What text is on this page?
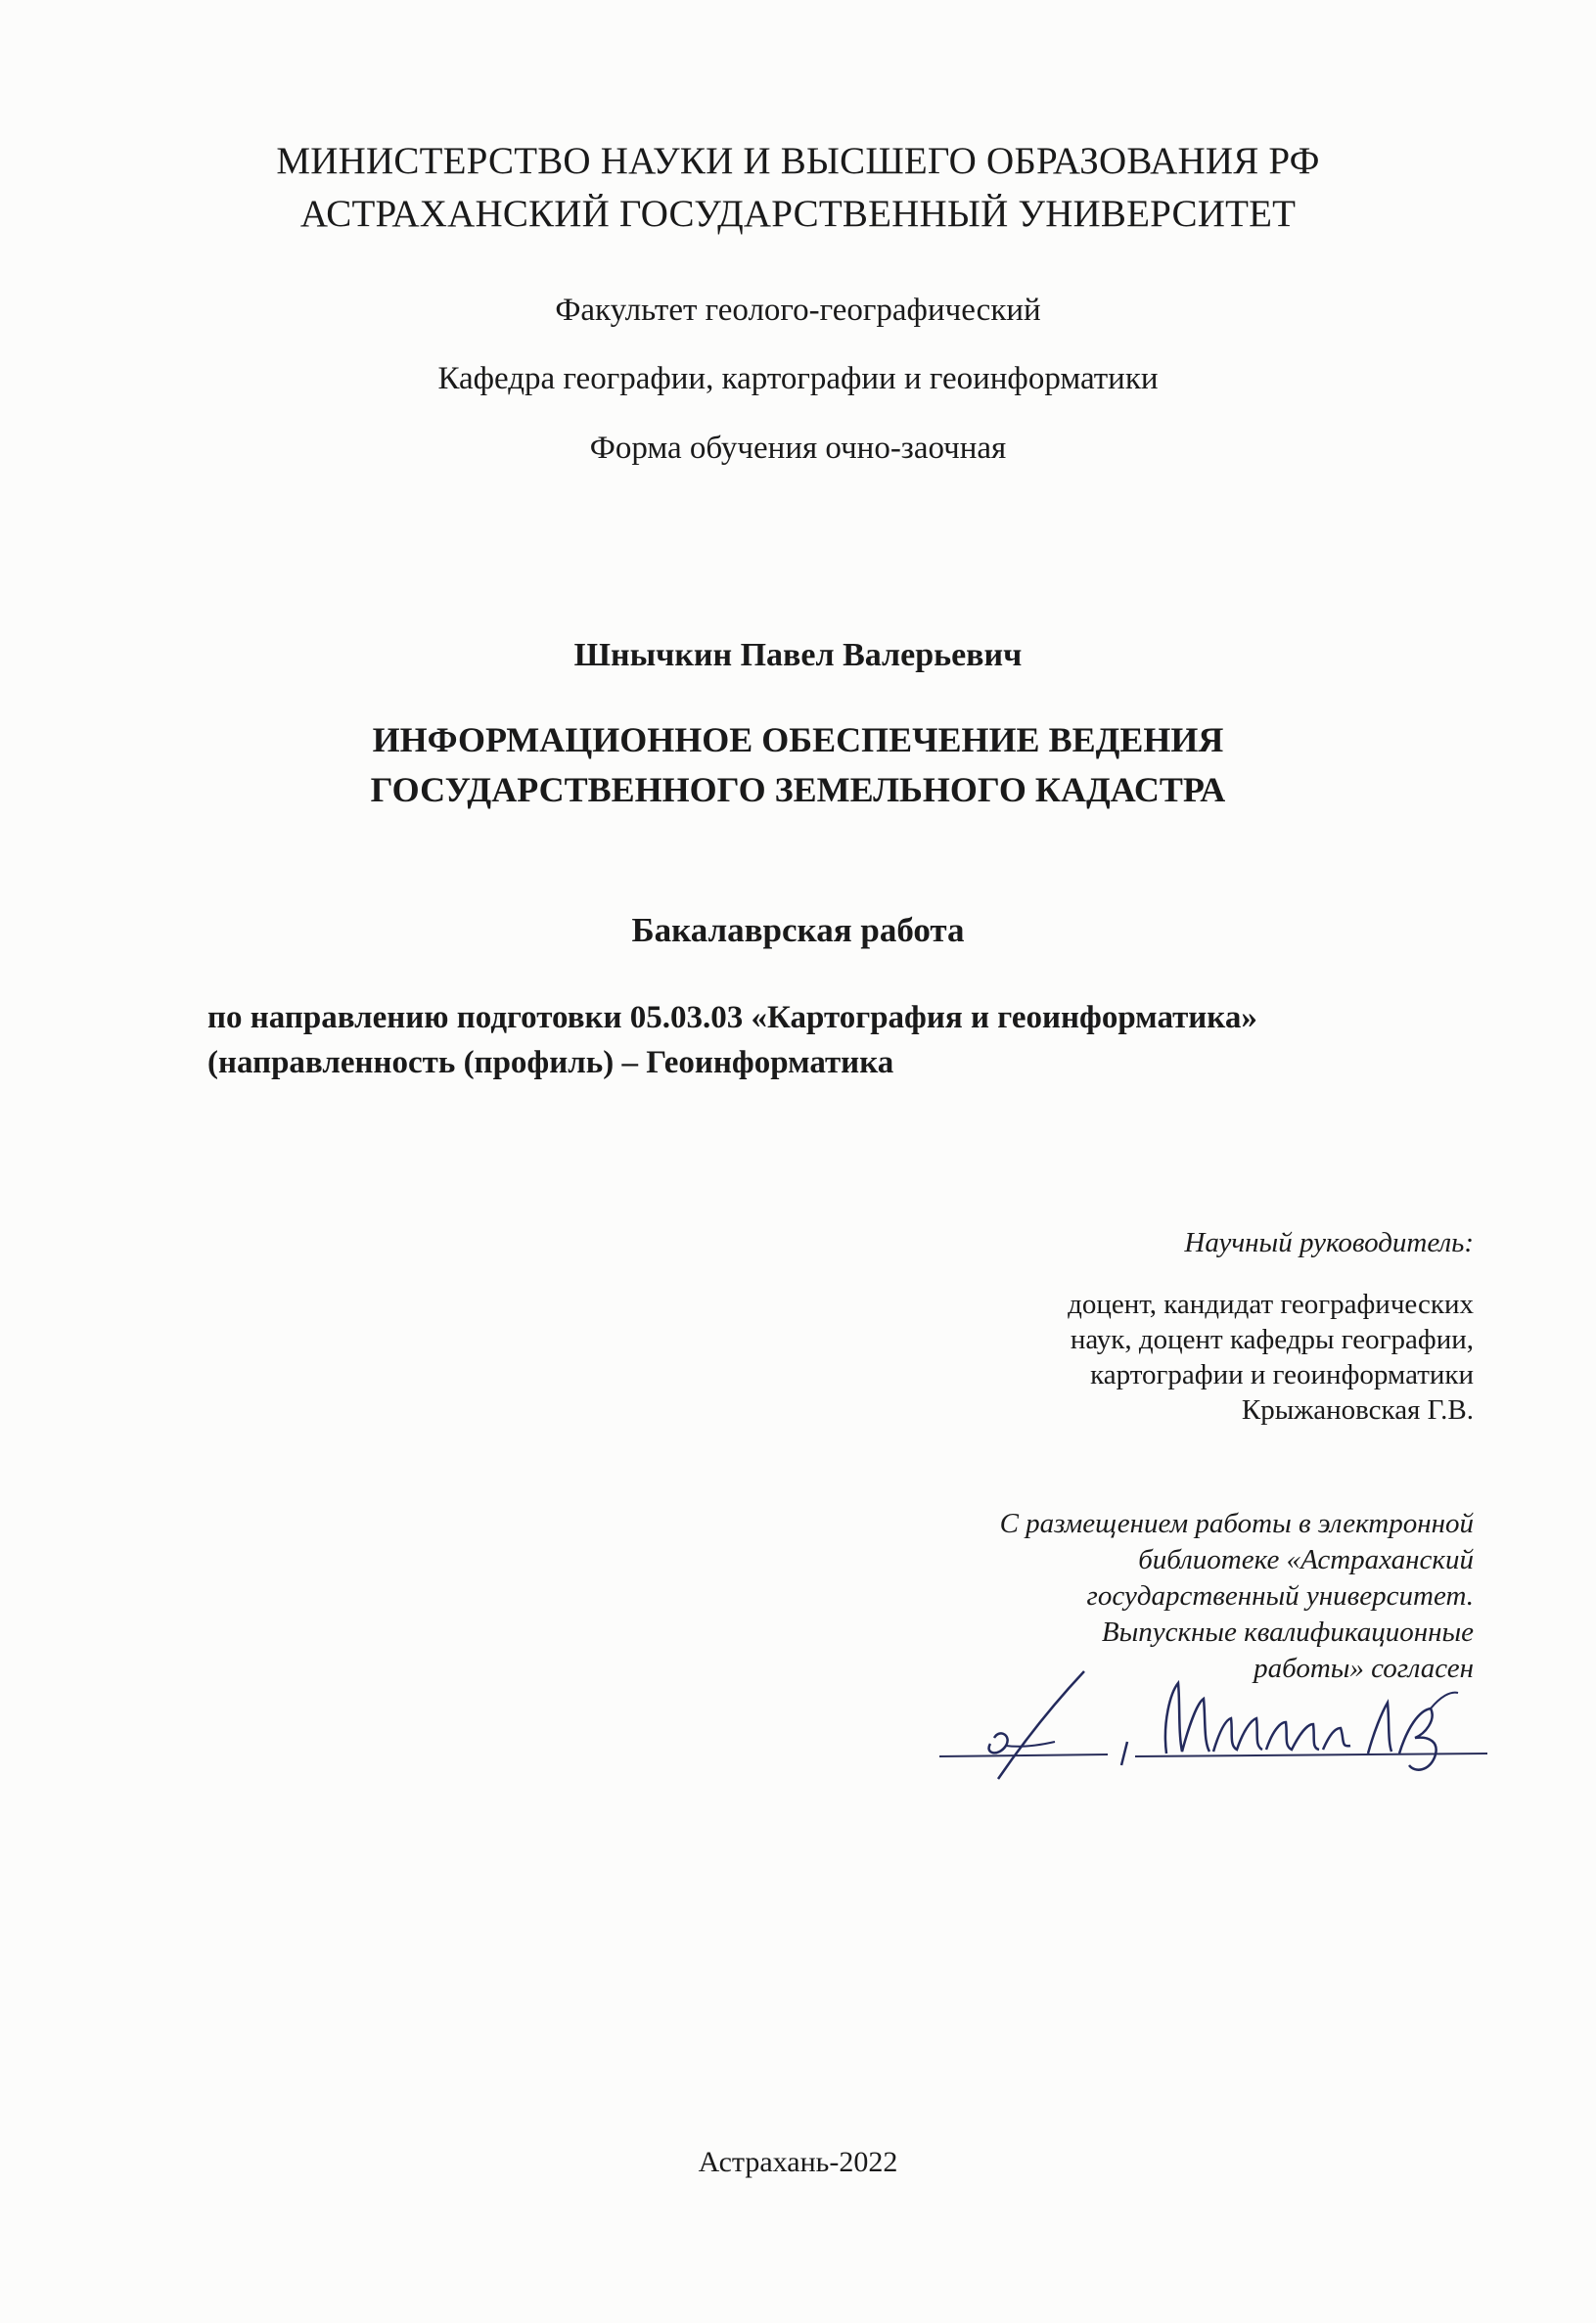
МИНИСТЕРСТВО НАУКИ И ВЫСШЕГО ОБРАЗОВАНИЯ РФ
АСТРАХАНСКИЙ ГОСУДАРСТВЕННЫЙ УНИВЕРСИТЕТ
Факультет геолого-географический
Кафедра географии, картографии и геоинформатики
Форма обучения очно-заочная
Шнычкин Павел Валерьевич
ИНФОРМАЦИОННОЕ ОБЕСПЕЧЕНИЕ ВЕДЕНИЯ
ГОСУДАРСТВЕННОГО ЗЕМЕЛЬНОГО КАДАСТРА
Бакалаврская работа
по направлению подготовки 05.03.03 «Картография и геоинформатика»
(направленность (профиль) – Геоинформатика
Научный руководитель:
доцент, кандидат географических
наук, доцент кафедры географии,
картографии и геоинформатики
Крыжановская Г.В.
С размещением работы в электронной
библиотеке «Астраханский
государственный университет.
Выпускные квалификационные
работы» согласен
Астрахань-2022
